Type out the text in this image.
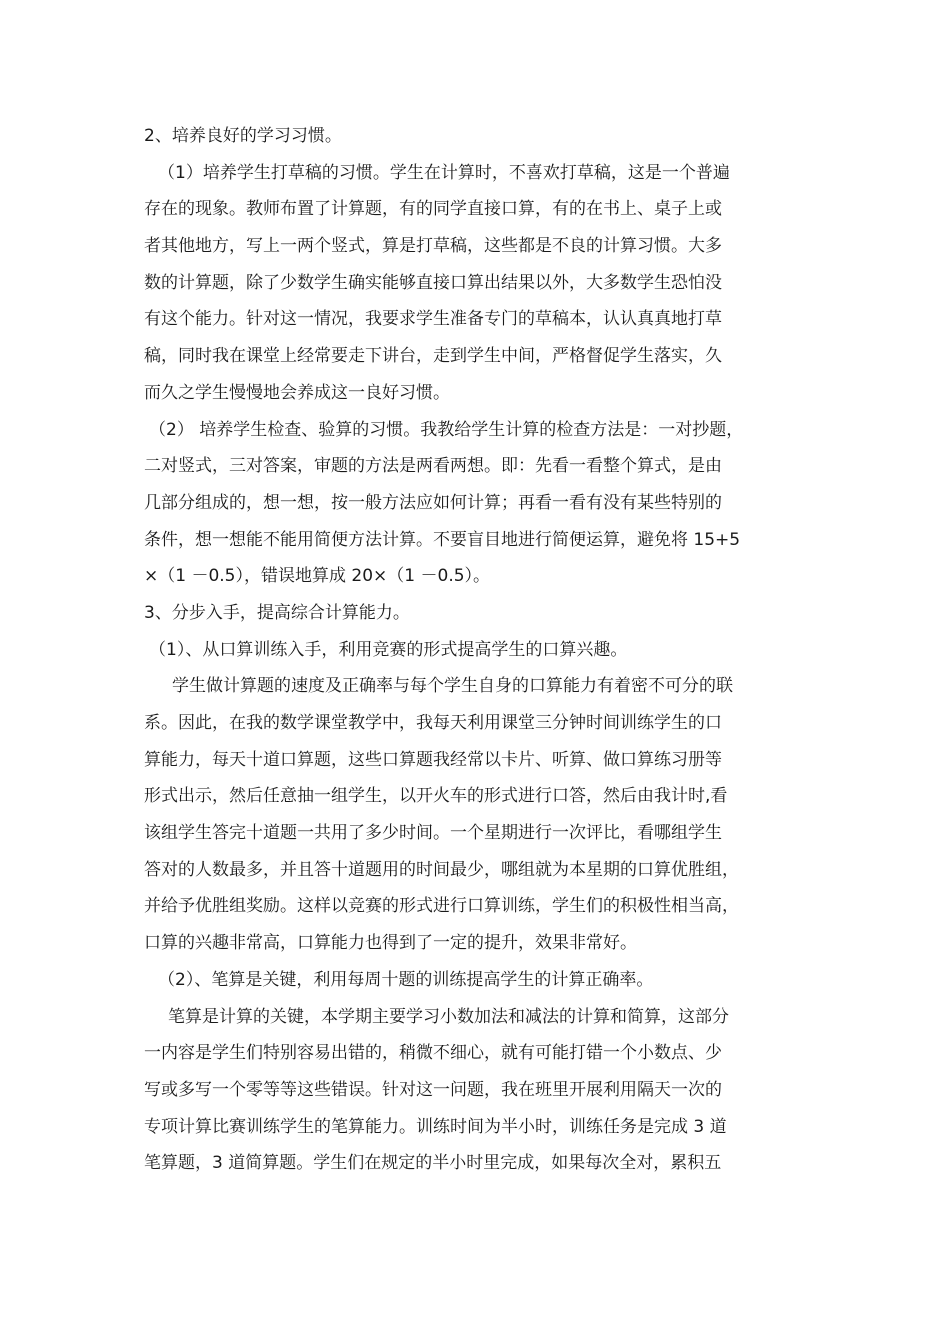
2、培养良好的学习习惯。
（1）培养学生打草稿的习惯。学生在计算时，不喜欢打草稿，这是一个普遍
存在的现象。教师布置了计算题，有的同学直接口算，有的在书上、桌子上或
者其他地方，写上一两个竖式，算是打草稿，这些都是不良的计算习惯。大多
数的计算题，除了少数学生确实能够直接口算出结果以外，大多数学生恐怕没
有这个能力。针对这一情况，我要求学生准备专门的草稿本，认认真真地打草
稿，同时我在课堂上经常要走下讲台，走到学生中间，严格督促学生落实，久
而久之学生慢慢地会养成这一良好习惯。
（2） 培养学生检查、验算的习惯。我教给学生计算的检查方法是：一对抄题，
二对竖式，三对答案，审题的方法是两看两想。即：先看一看整个算式，是由
几部分组成的，想一想，按一般方法应如何计算；再看一看有没有某些特别的
条件，想一想能不能用简便方法计算。不要盲目地进行简便运算，避免将 15+5
×（1 －0.5），错误地算成 20×（1 －0.5）。
3、分步入手，提高综合计算能力。
（1）、从口算训练入手，利用竞赛的形式提高学生的口算兴趣。
学生做计算题的速度及正确率与每个学生自身的口算能力有着密不可分的联
系。因此，在我的数学课堂教学中，我每天利用课堂三分钟时间训练学生的口
算能力，每天十道口算题，这些口算题我经常以卡片、听算、做口算练习册等
形式出示，然后任意抽一组学生，以开火车的形式进行口答，然后由我计时,看
该组学生答完十道题一共用了多少时间。一个星期进行一次评比，看哪组学生
答对的人数最多，并且答十道题用的时间最少，哪组就为本星期的口算优胜组，
并给予优胜组奖励。这样以竞赛的形式进行口算训练，学生们的积极性相当高，
口算的兴趣非常高，口算能力也得到了一定的提升，效果非常好。
（2）、笔算是关键，利用每周十题的训练提高学生的计算正确率。
笔算是计算的关键，本学期主要学习小数加法和减法的计算和简算，这部分
一内容是学生们特别容易出错的，稍微不细心，就有可能打错一个小数点、少
写或多写一个零等等这些错误。针对这一问题，我在班里开展利用隔天一次的
专项计算比赛训练学生的笔算能力。训练时间为半小时，训练任务是完成 3 道
笔算题，3 道简算题。学生们在规定的半小时里完成，如果每次全对，累积五
